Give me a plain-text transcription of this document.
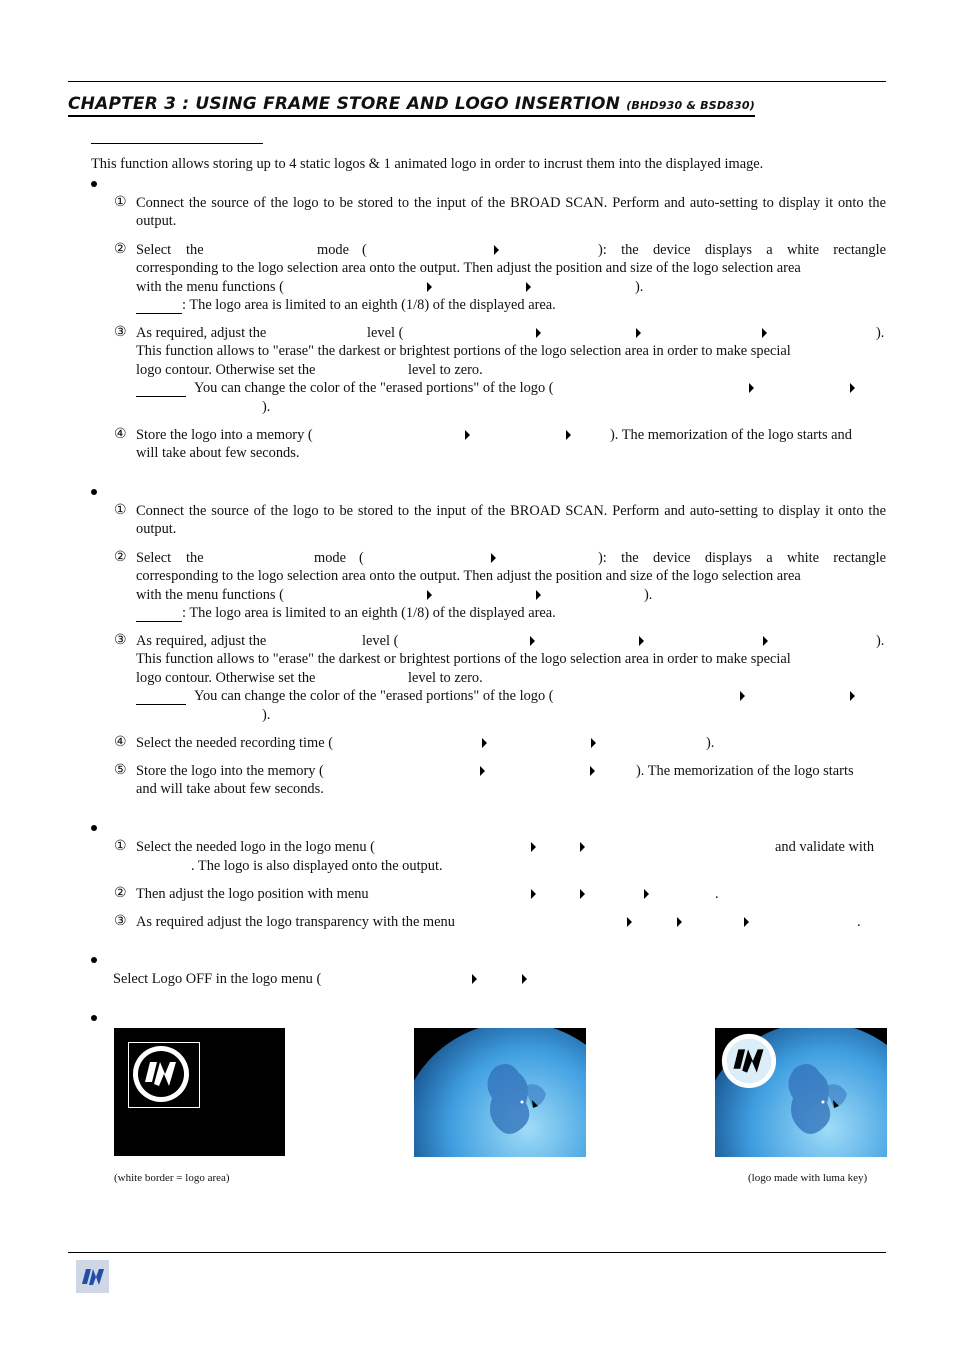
CHAPTER 3 : USING FRAME STORE AND LOGO INSERTION (BHD930 & BSD830)
This function allows storing up to 4 static logos & 1 animated logo in order to incrust them into the displayed image.
① Connect the source of the logo to be stored to the input of the BROAD SCAN. Perform and auto-setting to display it onto the output.
② Select the	mode (	): the device displays a white rectangle
corresponding to the logo selection area onto the output. Then adjust the position and size of the logo selection area
with the menu functions (	).
: The logo area is limited to an eighth (1/8) of the displayed area.
③ As required, adjust the	level (	).
This function allows to "erase" the darkest or brightest portions of the logo selection area in order to make special
logo contour. Otherwise set the	level to zero.
You can change the color of the "erased portions" of the logo (
).
④ Store the logo into a memory (	). The memorization of the logo starts and
will take about few seconds.
① Connect the source of the logo to be stored to the input of the BROAD SCAN. Perform and auto-setting to display it onto the output.
② Select the	mode (	): the device displays a white rectangle
corresponding to the logo selection area onto the output. Then adjust the position and size of the logo selection area
with the menu functions (	).
: The logo area is limited to an eighth (1/8) of the displayed area.
③ As required, adjust the	level (	).
This function allows to "erase" the darkest or brightest portions of the logo selection area in order to make special
logo contour. Otherwise set the	level to zero.
You can change the color of the "erased portions" of the logo (
).
④ Select the needed recording time (	).
⑤ Store the logo into the memory (	). The memorization of the logo starts
and will take about few seconds.
① Select the needed logo in the logo menu (	and validate with
. The logo is also displayed onto the output.
② Then adjust the logo position with menu	.
③ As required adjust the logo transparency with the menu	.
Select Logo OFF in the logo menu (
(white border = logo area)	(logo made with luma key)
